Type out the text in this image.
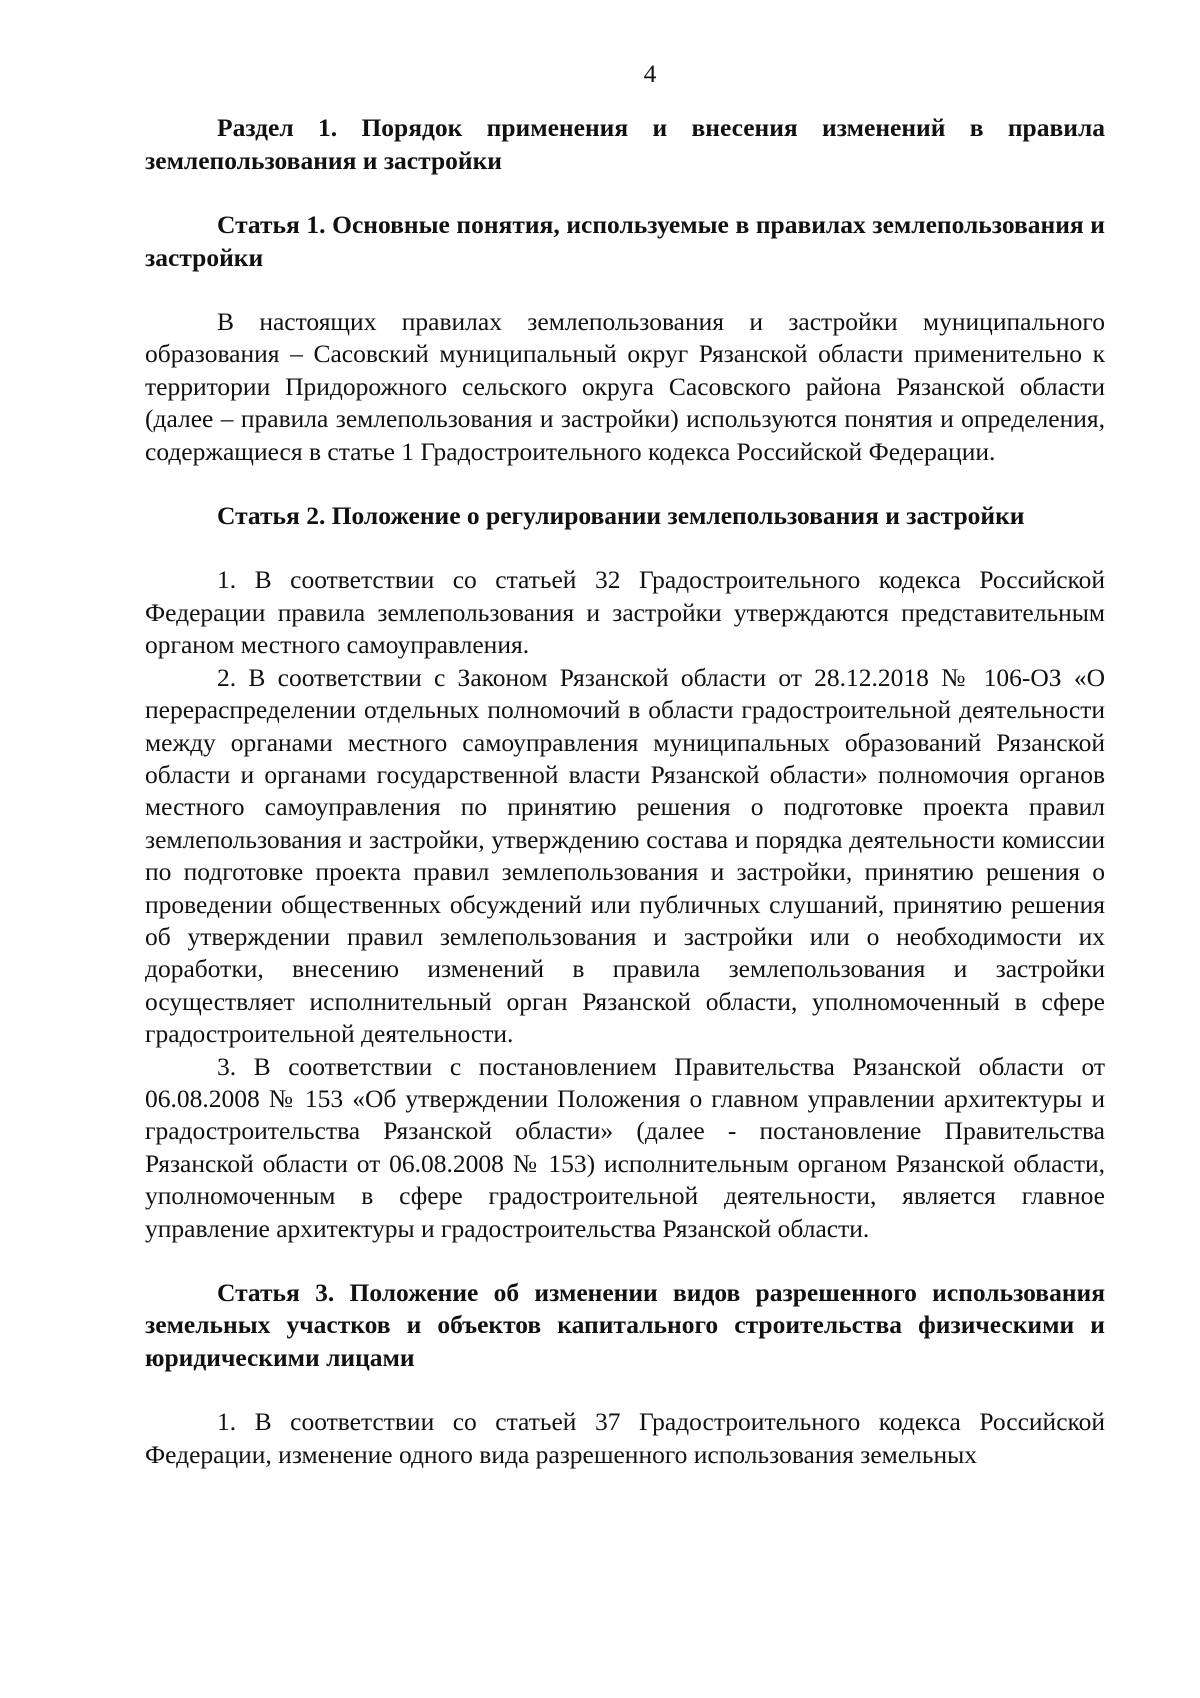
4

Раздел 1. Порядок применения и внесения изменений в правила землепользования и застройки

Статья 1. Основные понятия, используемые в правилах землепользования и застройки

В настоящих правилах землепользования и застройки муниципального образования – Сасовский муниципальный округ Рязанской области применительно к территории Придорожного сельского округа Сасовского района Рязанской области (далее – правила землепользования и застройки) используются понятия и определения, содержащиеся в статье 1 Градостроительного кодекса Российской Федерации.

Статья 2. Положение о регулировании землепользования и застройки

1. В соответствии со статьей 32 Градостроительного кодекса Российской Федерации правила землепользования и застройки утверждаются представительным органом местного самоуправления.

2. В соответствии с Законом Рязанской области от 28.12.2018 № 106-ОЗ «О перераспределении отдельных полномочий в области градостроительной деятельности между органами местного самоуправления муниципальных образований Рязанской области и органами государственной власти Рязанской области» полномочия органов местного самоуправления по принятию решения о подготовке проекта правил землепользования и застройки, утверждению состава и порядка деятельности комиссии по подготовке проекта правил землепользования и застройки, принятию решения о проведении общественных обсуждений или публичных слушаний, принятию решения об утверждении правил землепользования и застройки или о необходимости их доработки, внесению изменений в правила землепользования и застройки осуществляет исполнительный орган Рязанской области, уполномоченный в сфере градостроительной деятельности.

3. В соответствии с постановлением Правительства Рязанской области от 06.08.2008 № 153 «Об утверждении Положения о главном управлении архитектуры и градостроительства Рязанской области» (далее - постановление Правительства Рязанской области от 06.08.2008 № 153) исполнительным органом Рязанской области, уполномоченным в сфере градостроительной деятельности, является главное управление архитектуры и градостроительства Рязанской области.

Статья 3. Положение об изменении видов разрешенного использования земельных участков и объектов капитального строительства физическими и юридическими лицами

1. В соответствии со статьей 37 Градостроительного кодекса Российской Федерации, изменение одного вида разрешенного использования земельных
